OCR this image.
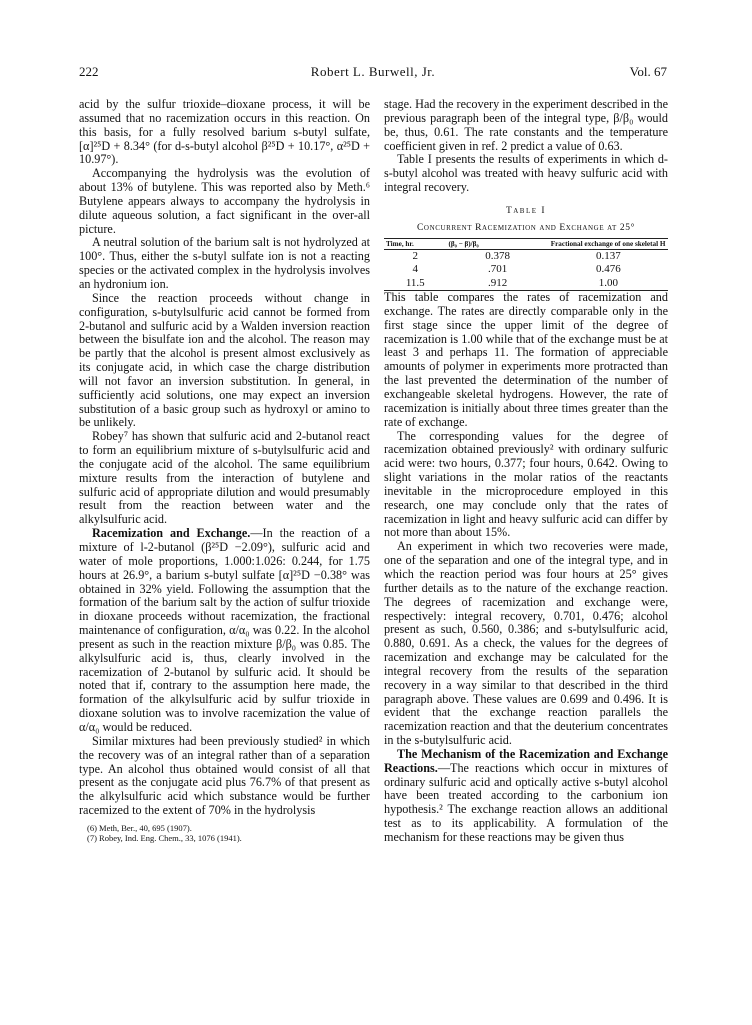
222	Robert L. Burwell, Jr.	Vol. 67

acid by the sulfur trioxide–dioxane process, it will be assumed that no racemization occurs in this reaction. On this basis, for a fully resolved barium s-butyl sulfate, [α]²⁵D + 8.34° (for d-s-butyl alcohol β²⁵D + 10.17°, α²⁵D + 10.97°).

Accompanying the hydrolysis was the evolution of about 13% of butylene. This was reported also by Meth.⁶ Butylene appears always to accompany the hydrolysis in dilute aqueous solution, a fact significant in the over-all picture.

A neutral solution of the barium salt is not hydrolyzed at 100°. Thus, either the s-butyl sulfate ion is not a reacting species or the activated complex in the hydrolysis involves an hydronium ion.

Since the reaction proceeds without change in configuration, s-butylsulfuric acid cannot be formed from 2-butanol and sulfuric acid by a Walden inversion reaction between the bisulfate ion and the alcohol. The reason may be partly that the alcohol is present almost exclusively as its conjugate acid, in which case the charge distribution will not favor an inversion substitution. In general, in sufficiently acid solutions, one may expect an inversion substitution of a basic group such as hydroxyl or amino to be unlikely.

Robey⁷ has shown that sulfuric acid and 2-butanol react to form an equilibrium mixture of s-butylsulfuric acid and the conjugate acid of the alcohol. The same equilibrium mixture results from the interaction of butylene and sulfuric acid of appropriate dilution and would presumably result from the reaction between water and the alkylsulfuric acid.

Racemization and Exchange.—In the reaction of a mixture of l-2-butanol (β²⁵D −2.09°), sulfuric acid and water of mole proportions, 1.000:1.026: 0.244, for 1.75 hours at 26.9°, a barium s-butyl sulfate [α]²⁵D −0.38° was obtained in 32% yield. Following the assumption that the formation of the barium salt by the action of sulfur trioxide in dioxane proceeds without racemization, the fractional maintenance of configuration, α/α₀ was 0.22. In the alcohol present as such in the reaction mixture β/β₀ was 0.85. The alkylsulfuric acid is, thus, clearly involved in the racemization of 2-butanol by sulfuric acid. It should be noted that if, contrary to the assumption here made, the formation of the alkylsulfuric acid by sulfur trioxide in dioxane solution was to involve racemization the value of α/α₀ would be reduced.

Similar mixtures had been previously studied² in which the recovery was of an integral rather than of a separation type. An alcohol thus obtained would consist of all that present as the conjugate acid plus 76.7% of that present as the alkylsulfuric acid which substance would be further racemized to the extent of 70% in the hydrolysis

(6) Meth, Ber., 40, 695 (1907).
(7) Robey, Ind. Eng. Chem., 33, 1076 (1941).

stage. Had the recovery in the experiment described in the previous paragraph been of the integral type, β/β₀ would be, thus, 0.61. The rate constants and the temperature coefficient given in ref. 2 predict a value of 0.63.

Table I presents the results of experiments in which d-s-butyl alcohol was treated with heavy sulfuric acid with integral recovery.

Table I
Concurrent Racemization and Exchange at 25°
Time, hr.	(β₀ − β)/β₀	Fractional exchange of one skeletal H
2	0.378	0.137
4	.701	0.476
11.5	.912	1.00

This table compares the rates of racemization and exchange. The rates are directly comparable only in the first stage since the upper limit of the degree of racemization is 1.00 while that of the exchange must be at least 3 and perhaps 11. The formation of appreciable amounts of polymer in experiments more protracted than the last prevented the determination of the number of exchangeable skeletal hydrogens. However, the rate of racemization is initially about three times greater than the rate of exchange.

The corresponding values for the degree of racemization obtained previously² with ordinary sulfuric acid were: two hours, 0.377; four hours, 0.642. Owing to slight variations in the molar ratios of the reactants inevitable in the microprocedure employed in this research, one may conclude only that the rates of racemization in light and heavy sulfuric acid can differ by not more than about 15%.

An experiment in which two recoveries were made, one of the separation and one of the integral type, and in which the reaction period was four hours at 25° gives further details as to the nature of the exchange reaction. The degrees of racemization and exchange were, respectively: integral recovery, 0.701, 0.476; alcohol present as such, 0.560, 0.386; and s-butylsulfuric acid, 0.880, 0.691. As a check, the values for the degrees of racemization and exchange may be calculated for the integral recovery from the results of the separation recovery in a way similar to that described in the third paragraph above. These values are 0.699 and 0.496. It is evident that the exchange reaction parallels the racemization reaction and that the deuterium concentrates in the s-butylsulfuric acid.

The Mechanism of the Racemization and Exchange Reactions.—The reactions which occur in mixtures of ordinary sulfuric acid and optically active s-butyl alcohol have been treated according to the carbonium ion hypothesis.² The exchange reaction allows an additional test as to its applicability. A formulation of the mechanism for these reactions may be given thus
